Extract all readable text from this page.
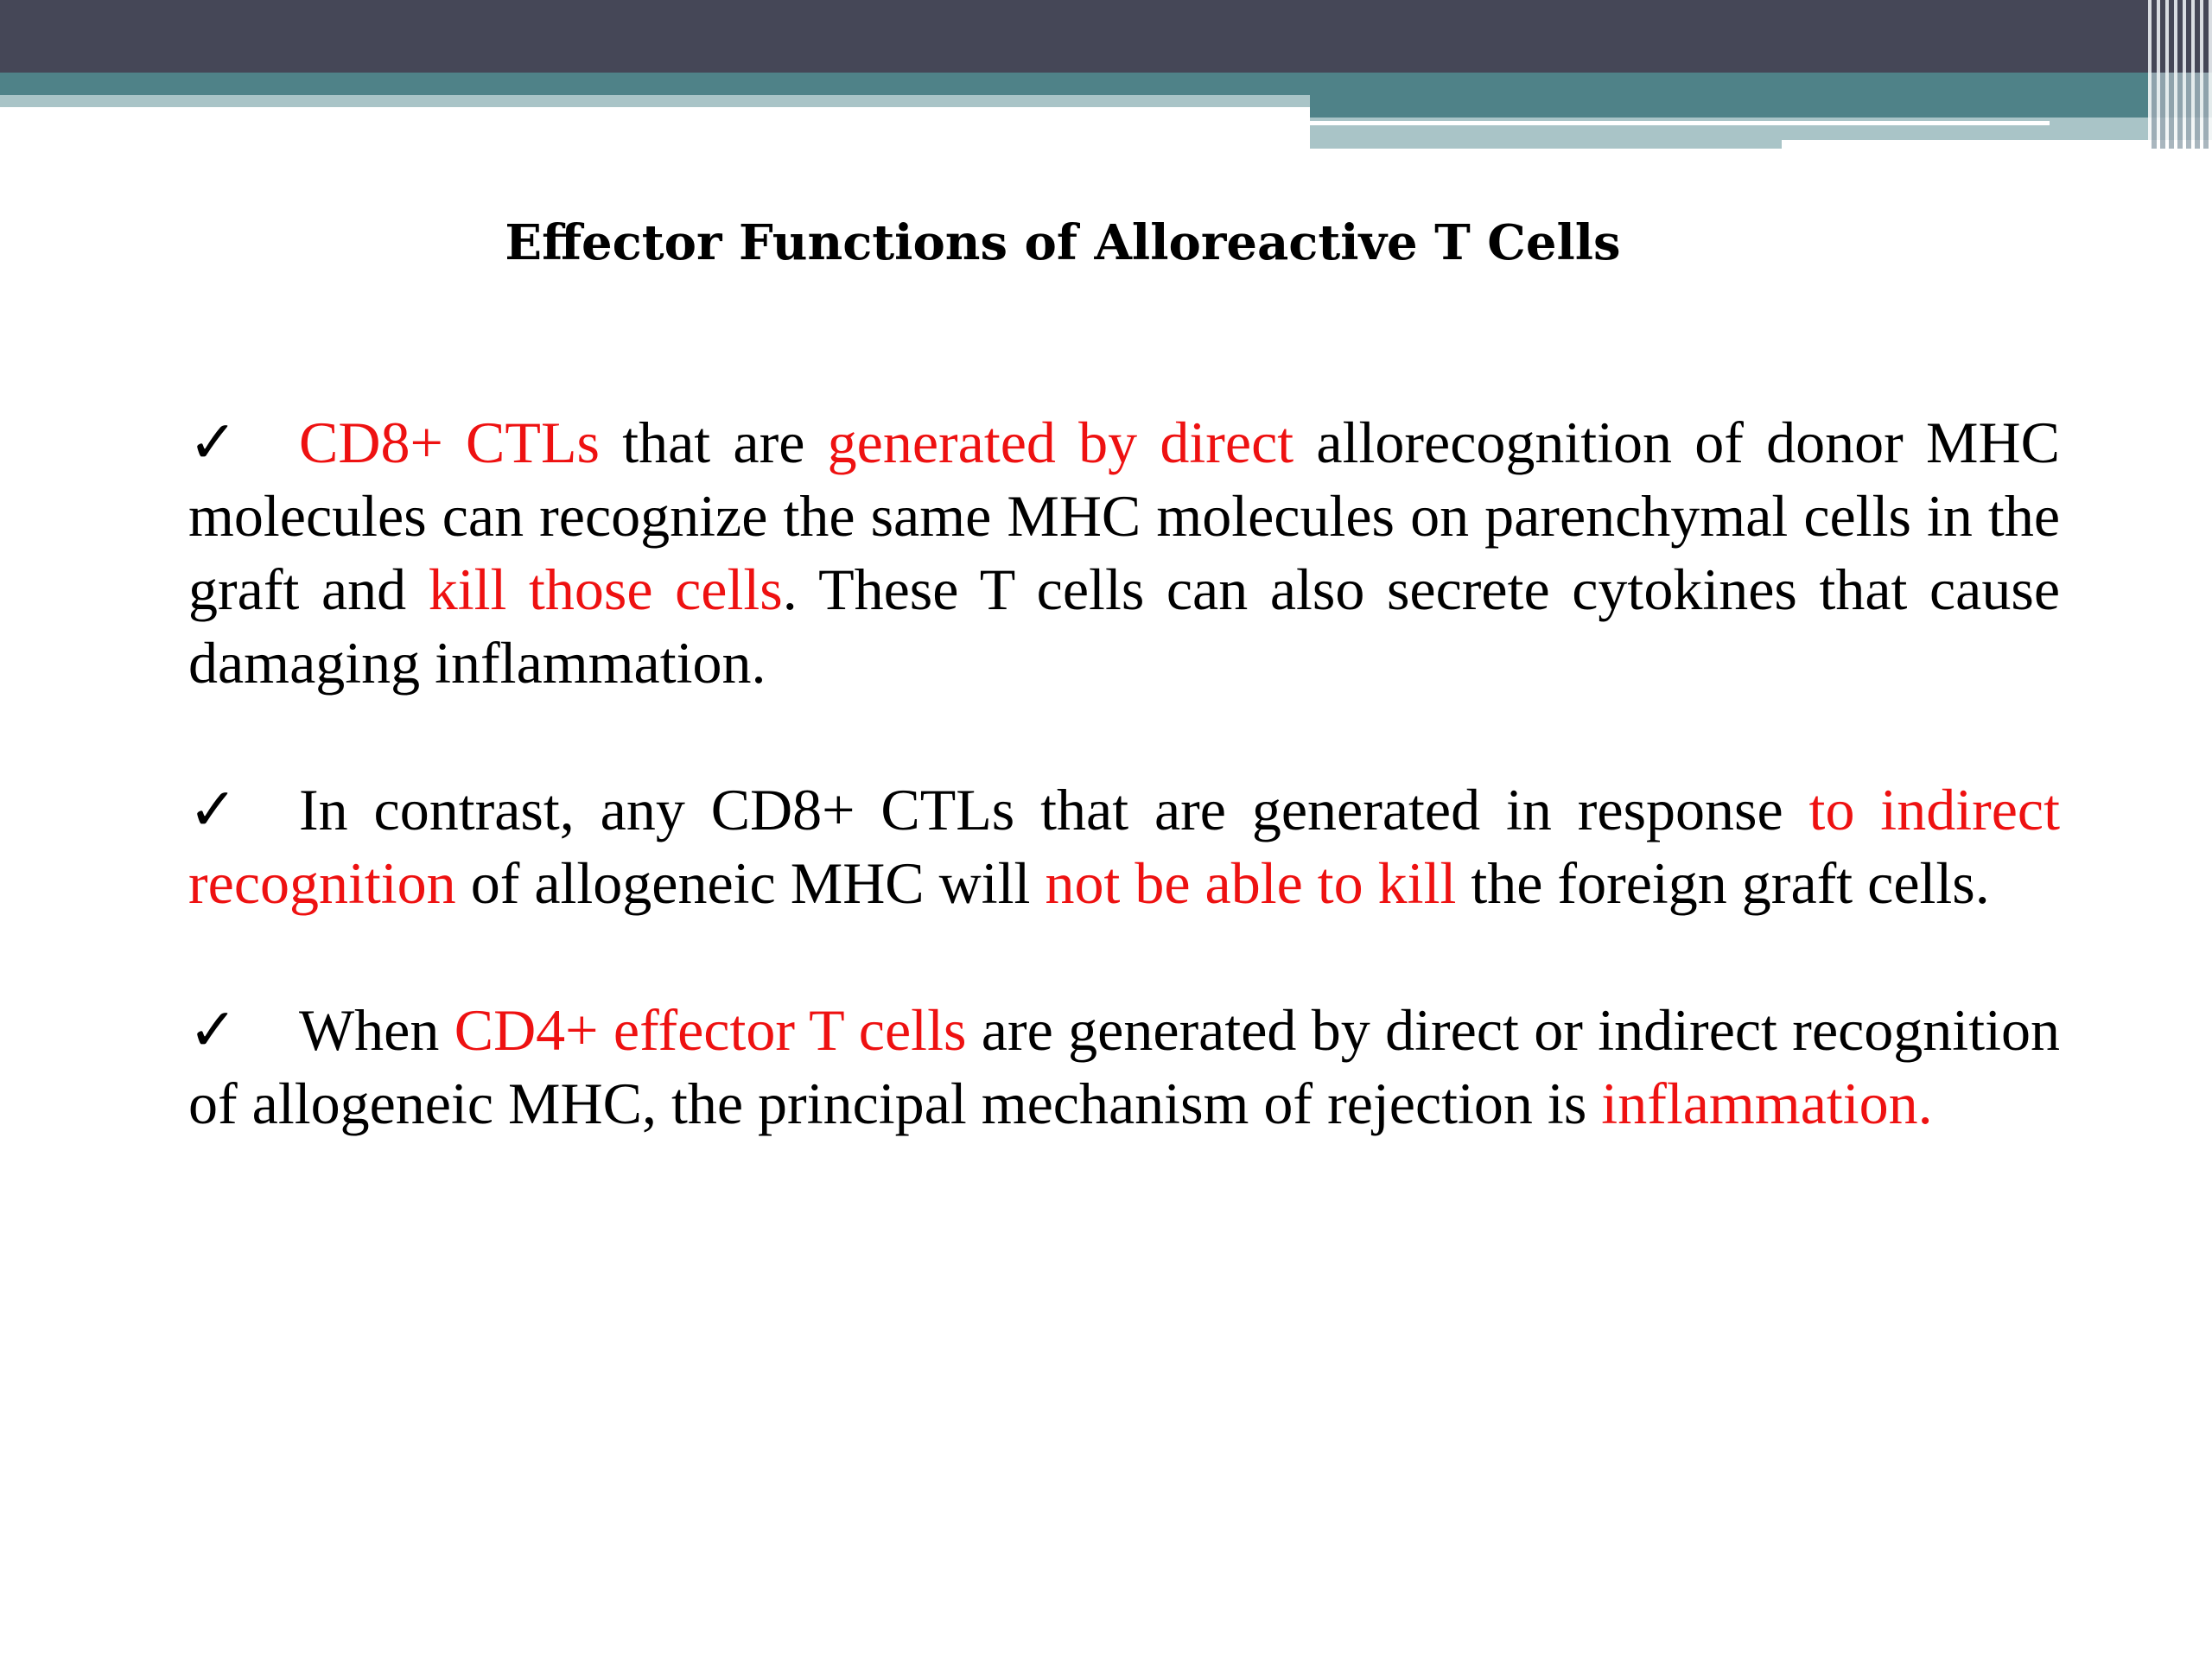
Effector Functions of Alloreactive T Cells

✓ CD8+ CTLs that are generated by direct allorecognition of donor MHC molecules can recognize the same MHC molecules on parenchymal cells in the graft and kill those cells. These T cells can also secrete cytokines that cause damaging inflammation.

✓ In contrast, any CD8+ CTLs that are generated in response to indirect recognition of allogeneic MHC will not be able to kill the foreign graft cells.

✓ When CD4+ effector T cells are generated by direct or indirect recognition of allogeneic MHC, the principal mechanism of rejection is inflammation.
